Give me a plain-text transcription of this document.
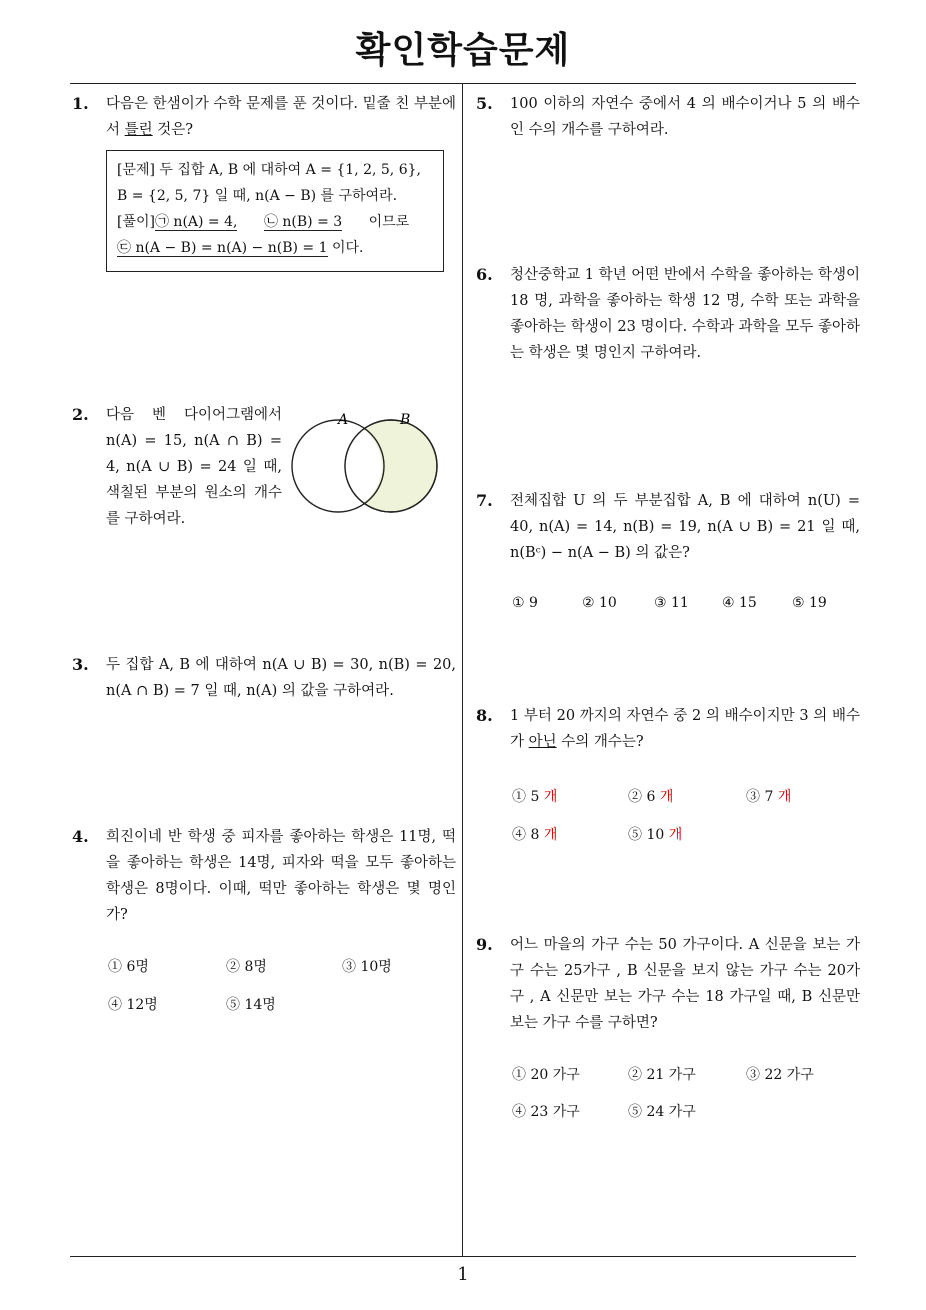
확인학습문제
1
1. 다음은 한샘이가 수학 문제를 푼 것이다. 밑줄 친 부분에서 틀린 것은?
[문제] 두 집합 A, B 에 대하여 A = {1, 2, 5, 6},
B = {2, 5, 7} 일 때, n(A − B) 를 구하여라.
[풀이]㉠ n(A) = 4, ㉡ n(B) = 3 이므로
㉢ n(A − B) = n(A) − n(B) = 1 이다.
2. 다음 벤 다이어그램에서 n(A) = 15, n(A ∩ B) = 4, n(A ∪ B) = 24 일 때, 색칠된 부분의 원소의 개수를 구하여라.
A	B
3. 두 집합 A, B 에 대하여 n(A ∪ B) = 30, n(B) = 20, n(A ∩ B) = 7 일 때, n(A) 의 값을 구하여라.
4. 희진이네 반 학생 중 피자를 좋아하는 학생은 11명, 떡을 좋아하는 학생은 14명, 피자와 떡을 모두 좋아하는 학생은 8명이다. 이때, 떡만 좋아하는 학생은 몇 명인가?
① 6명	② 8명	③ 10명
④ 12명	⑤ 14명
5. 100 이하의 자연수 중에서 4 의 배수이거나 5 의 배수인 수의 개수를 구하여라.
6. 청산중학교 1 학년 어떤 반에서 수학을 좋아하는 학생이 18 명, 과학을 좋아하는 학생 12 명, 수학 또는 과학을 좋아하는 학생이 23 명이다. 수학과 과학을 모두 좋아하는 학생은 몇 명인지 구하여라.
7. 전체집합 U 의 두 부분집합 A, B 에 대하여 n(U) = 40, n(A) = 14, n(B) = 19, n(A ∪ B) = 21 일 때, n(Bᶜ) − n(A − B) 의 값은?
① 9	② 10	③ 11 ④ 15	⑤ 19
8. 1 부터 20 까지의 자연수 중 2 의 배수이지만 3 의 배수가 아닌 수의 개수는?
① 5 개	② 6 개	③ 7 개
④ 8 개	⑤ 10 개
9. 어느 마을의 가구 수는 50 가구이다. A 신문을 보는 가구 수는 25가구 , B 신문을 보지 않는 가구 수는 20가구 , A 신문만 보는 가구 수는 18 가구일 때, B 신문만 보는 가구 수를 구하면?
① 20 가구	② 21 가구	③ 22 가구
④ 23 가구	⑤ 24 가구
